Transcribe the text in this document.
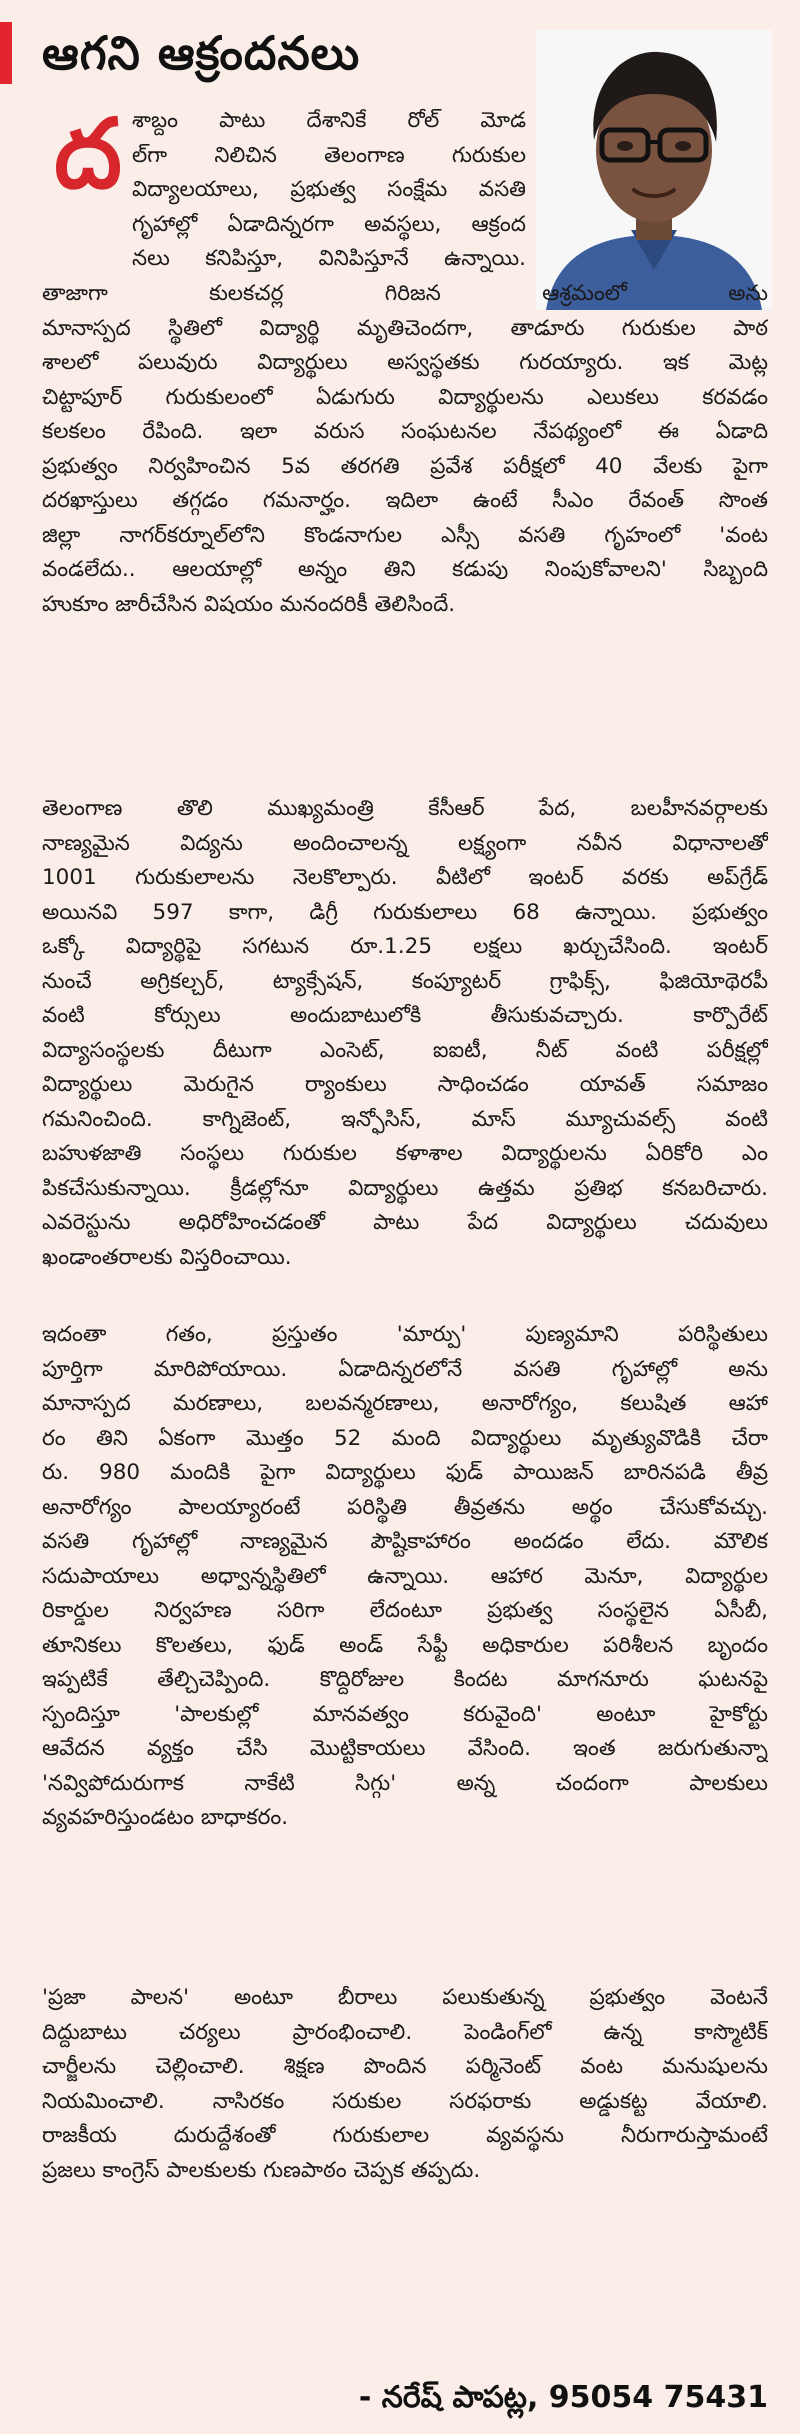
ఆగని ఆక్రందనలు
ద శాబ్దం పాటు దేశానికే రోల్ మోడ
ల్‌గా నిలిచిన తెలంగాణ గురుకుల
విద్యాలయాలు, ప్రభుత్వ సంక్షేమ వసతి
గృహాల్లో ఏడాదిన్నరగా అవస్థలు, ఆక్రంద
నలు కనిపిస్తూ, వినిపిస్తూనే ఉన్నాయి.
తాజాగా కులకచర్ల గిరిజన ఆశ్రమంలో అను
మానాస్పద స్థితిలో విద్యార్థి మృతిచెందగా, తాడూరు గురుకుల పాఠ
శాలలో పలువురు విద్యార్థులు అస్వస్థతకు గురయ్యారు. ఇక మెట్ల
చిట్టాపూర్ గురుకులంలో ఏడుగురు విద్యార్థులను ఎలుకలు కరవడం
కలకలం రేపింది. ఇలా వరుస సంఘటనల నేపథ్యంలో ఈ ఏడాది
ప్రభుత్వం నిర్వహించిన 5వ తరగతి ప్రవేశ పరీక్షలో 40 వేలకు పైగా
దరఖాస్తులు తగ్గడం గమనార్హం. ఇదిలా ఉంటే సీఎం రేవంత్ సొంత
జిల్లా నాగర్‌కర్నూల్‌లోని కొండనాగుల ఎస్సీ వసతి గృహంలో 'వంట
వండలేదు.. ఆలయాల్లో అన్నం తిని కడుపు నింపుకోవాలని' సిబ్బంది
హుకూం జారీచేసిన విషయం మనందరికీ తెలిసిందే.
తెలంగాణ తొలి ముఖ్యమంత్రి కేసీఆర్ పేద, బలహీనవర్గాలకు
నాణ్యమైన విద్యను అందించాలన్న లక్ష్యంగా నవీన విధానాలతో
1001 గురుకులాలను నెలకొల్పారు. వీటిలో ఇంటర్ వరకు అప్‌గ్రేడ్
అయినవి 597 కాగా, డిగ్రీ గురుకులాలు 68 ఉన్నాయి. ప్రభుత్వం
ఒక్కో విద్యార్థిపై సగటున రూ.1.25 లక్షలు ఖర్చుచేసింది. ఇంటర్
నుంచే అగ్రికల్చర్, ట్యాక్సేషన్, కంప్యూటర్ గ్రాఫిక్స్, ఫిజియోథెరపీ
వంటి కోర్సులు అందుబాటులోకి తీసుకువచ్చారు. కార్పొరేట్
విద్యాసంస్థలకు దీటుగా ఎంసెట్, ఐఐటీ, నీట్ వంటి పరీక్షల్లో
విద్యార్థులు మెరుగైన ర్యాంకులు సాధించడం యావత్ సమాజం
గమనించింది. కాగ్నిజెంట్, ఇన్ఫోసిస్, మాస్ మ్యూచువల్స్ వంటి
బహుళజాతి సంస్థలు గురుకుల కళాశాల విద్యార్థులను ఏరికోరి ఎం
పికచేసుకున్నాయి. క్రీడల్లోనూ విద్యార్థులు ఉత్తమ ప్రతిభ కనబరిచారు.
ఎవరెస్టును అధిరోహించడంతో పాటు పేద విద్యార్థులు చదువులు
ఖండాంతరాలకు విస్తరించాయి.
ఇదంతా గతం, ప్రస్తుతం 'మార్పు' పుణ్యమాని పరిస్థితులు
పూర్తిగా మారిపోయాయి. ఏడాదిన్నరలోనే వసతి గృహాల్లో అను
మానాస్పద మరణాలు, బలవన్మరణాలు, అనారోగ్యం, కలుషిత ఆహా
రం తిని ఏకంగా మొత్తం 52 మంది విద్యార్థులు మృత్యువొడికి చేరా
రు. 980 మందికి పైగా విద్యార్థులు ఫుడ్ పాయిజన్ బారినపడి తీవ్ర
అనారోగ్యం పాలయ్యారంటే పరిస్థితి తీవ్రతను అర్థం చేసుకోవచ్చు.
వసతి గృహాల్లో నాణ్యమైన పౌష్టికాహారం అందడం లేదు. మౌలిక
సదుపాయాలు అధ్వాన్నస్థితిలో ఉన్నాయి. ఆహార మెనూ, విద్యార్థుల
రికార్డుల నిర్వహణ సరిగా లేదంటూ ప్రభుత్వ సంస్థలైన ఏసీబీ,
తూనికలు కొలతలు, ఫుడ్ అండ్ సేఫ్టీ అధికారుల పరిశీలన బృందం
ఇప్పటికే తేల్చిచెప్పింది. కొద్దిరోజుల కిందట మాగనూరు ఘటనపై
స్పందిస్తూ 'పాలకుల్లో మానవత్వం కరువైంది' అంటూ హైకోర్టు
ఆవేదన వ్యక్తం చేసి మొట్టికాయలు వేసింది. ఇంత జరుగుతున్నా
'నవ్విపోదురుగాక నాకేటి సిగ్గు' అన్న చందంగా పాలకులు
వ్యవహరిస్తుండటం బాధాకరం.
'ప్రజా పాలన' అంటూ బీరాలు పలుకుతున్న ప్రభుత్వం వెంటనే
దిద్దుబాటు చర్యలు ప్రారంభించాలి. పెండింగ్‌లో ఉన్న కాస్మొటిక్
చార్జీలను చెల్లించాలి. శిక్షణ పొందిన పర్మినెంట్ వంట మనుషులను
నియమించాలి. నాసిరకం సరుకుల సరఫరాకు అడ్డుకట్ట వేయాలి.
రాజకీయ దురుద్దేశంతో గురుకులాల వ్యవస్థను నీరుగారుస్తామంటే
ప్రజలు కాంగ్రెస్ పాలకులకు గుణపాఠం చెప్పక తప్పదు.
- నరేష్ పాపట్ల, 95054 75431
